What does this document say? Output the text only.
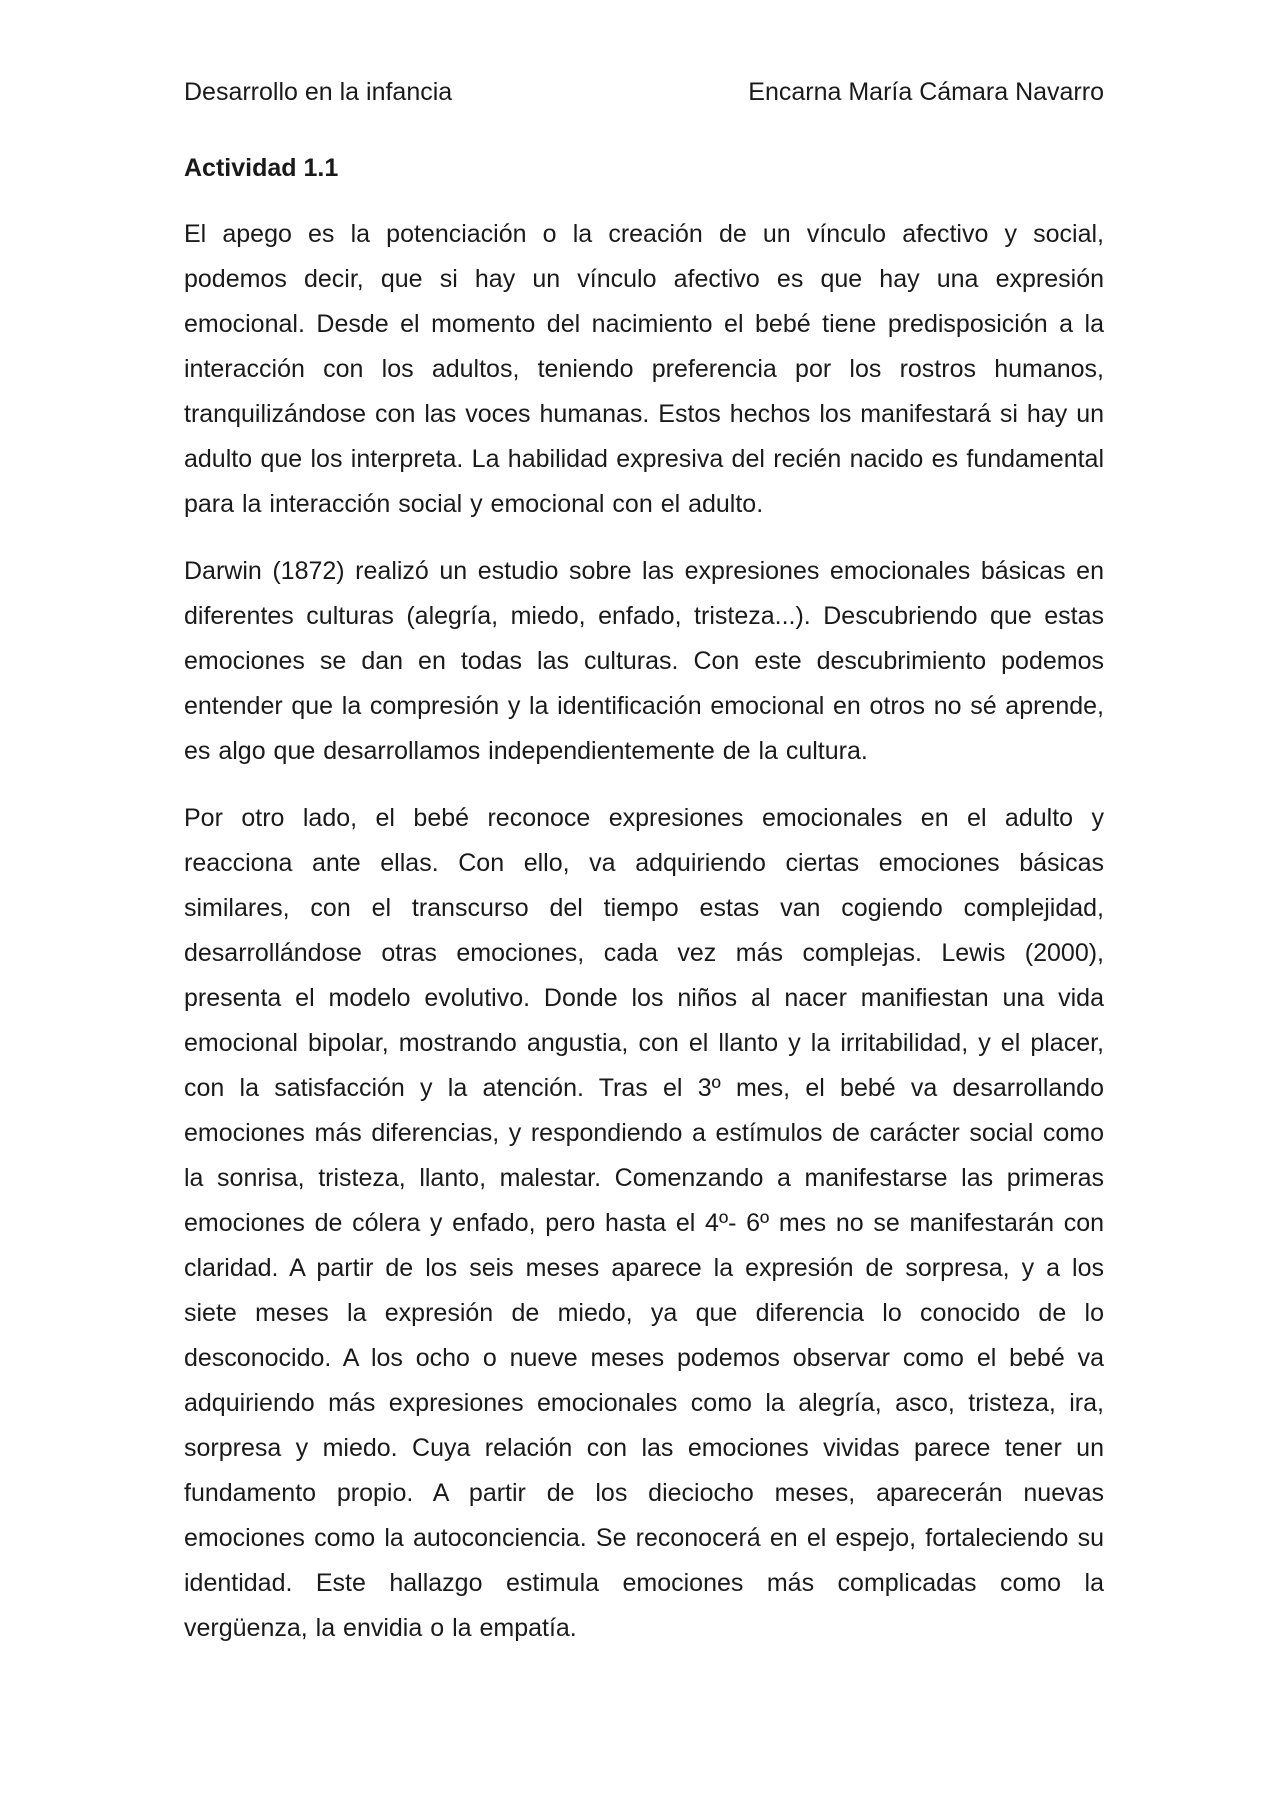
Desarrollo en la infancia	Encarna María Cámara Navarro

Actividad 1.1

El apego es la potenciación o la creación de un vínculo afectivo y social, podemos decir, que si hay un vínculo afectivo es que hay una expresión emocional. Desde el momento del nacimiento el bebé tiene predisposición a la interacción con los adultos, teniendo preferencia por los rostros humanos, tranquilizándose con las voces humanas. Estos hechos los manifestará si hay un adulto que los interpreta. La habilidad expresiva del recién nacido es fundamental para la interacción social y emocional con el adulto.

Darwin (1872) realizó un estudio sobre las expresiones emocionales básicas en diferentes culturas (alegría, miedo, enfado, tristeza...). Descubriendo que estas emociones se dan en todas las culturas. Con este descubrimiento podemos entender que la compresión y la identificación emocional en otros no sé aprende, es algo que desarrollamos independientemente de la cultura.

Por otro lado, el bebé reconoce expresiones emocionales en el adulto y reacciona ante ellas. Con ello, va adquiriendo ciertas emociones básicas similares, con el transcurso del tiempo estas van cogiendo complejidad, desarrollándose otras emociones, cada vez más complejas. Lewis (2000), presenta el modelo evolutivo. Donde los niños al nacer manifiestan una vida emocional bipolar, mostrando angustia, con el llanto y la irritabilidad, y el placer, con la satisfacción y la atención. Tras el 3º mes, el bebé va desarrollando emociones más diferencias, y respondiendo a estímulos de carácter social como la sonrisa, tristeza, llanto, malestar. Comenzando a manifestarse las primeras emociones de cólera y enfado, pero hasta el 4º- 6º mes no se manifestarán con claridad. A partir de los seis meses aparece la expresión de sorpresa, y a los siete meses la expresión de miedo, ya que diferencia lo conocido de lo desconocido. A los ocho o nueve meses podemos observar como el bebé va adquiriendo más expresiones emocionales como la alegría, asco, tristeza, ira, sorpresa y miedo. Cuya relación con las emociones vividas parece tener un fundamento propio. A partir de los dieciocho meses, aparecerán nuevas emociones como la autoconciencia. Se reconocerá en el espejo, fortaleciendo su identidad. Este hallazgo estimula emociones más complicadas como la vergüenza, la envidia o la empatía.
